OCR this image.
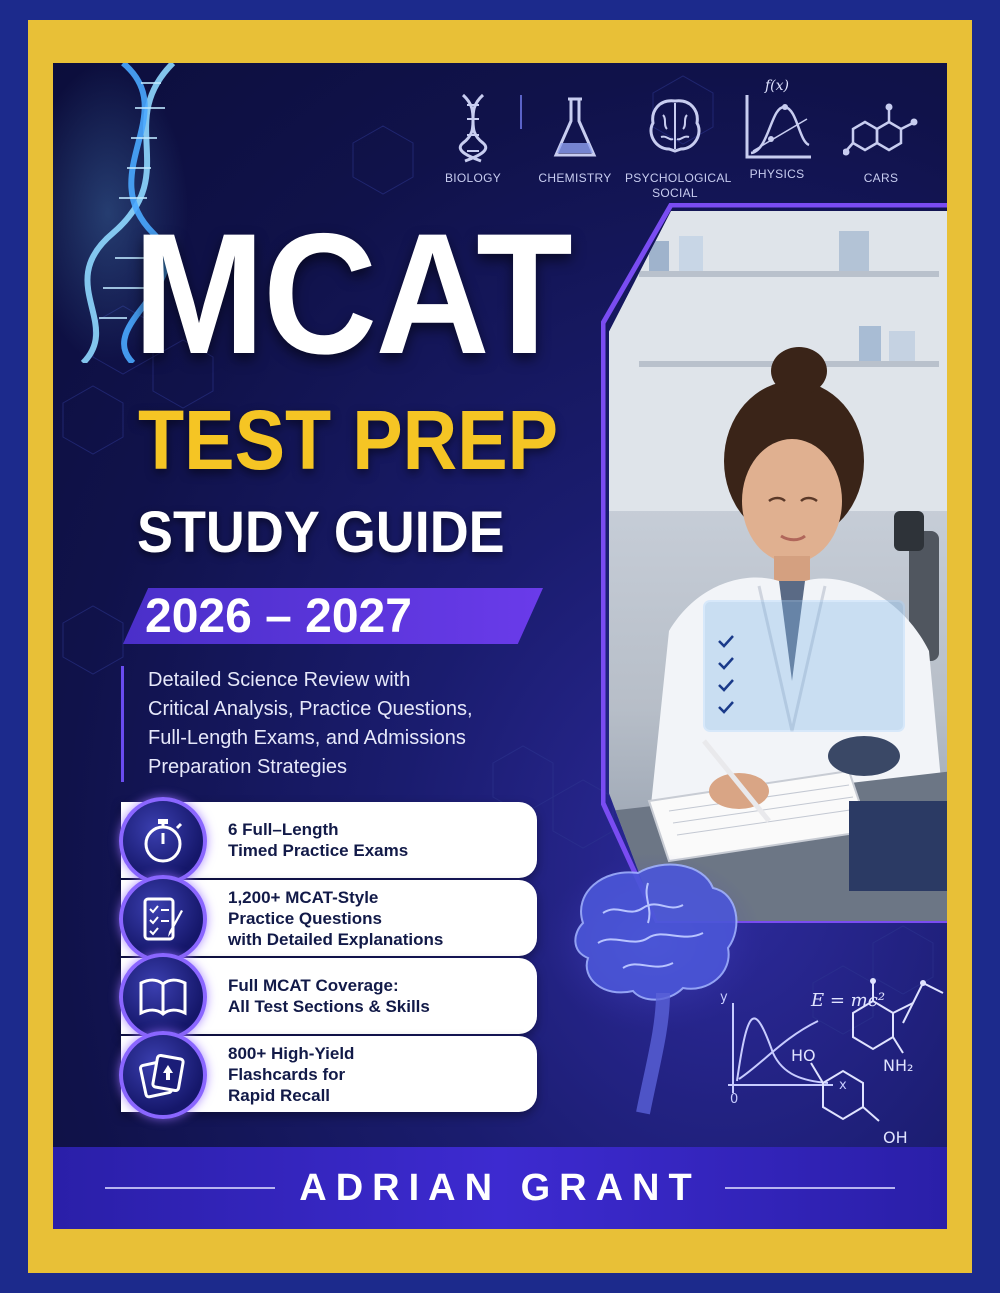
BIOLOGY	CHEMISTRY	PSYCHOLOGICAL
SOCIAL
f(x)
PHYSICS	CARS
MCAT
TEST PREP
STUDY GUIDE
2026 – 2027
Detailed Science Review with
Critical Analysis, Practice Questions,
Full-Length Exams, and Admissions
Preparation Strategies
6 Full–Length
Timed Practice Exams
1,200+ MCAT-Style
Practice Questions
with Detailed Explanations
Full MCAT Coverage:
All Test Sections & Skills
800+ High-Yield
Flashcards for
Rapid Recall
y
x
0
E = mc²
HO
OH
NH₂
ADRIAN GRANT
